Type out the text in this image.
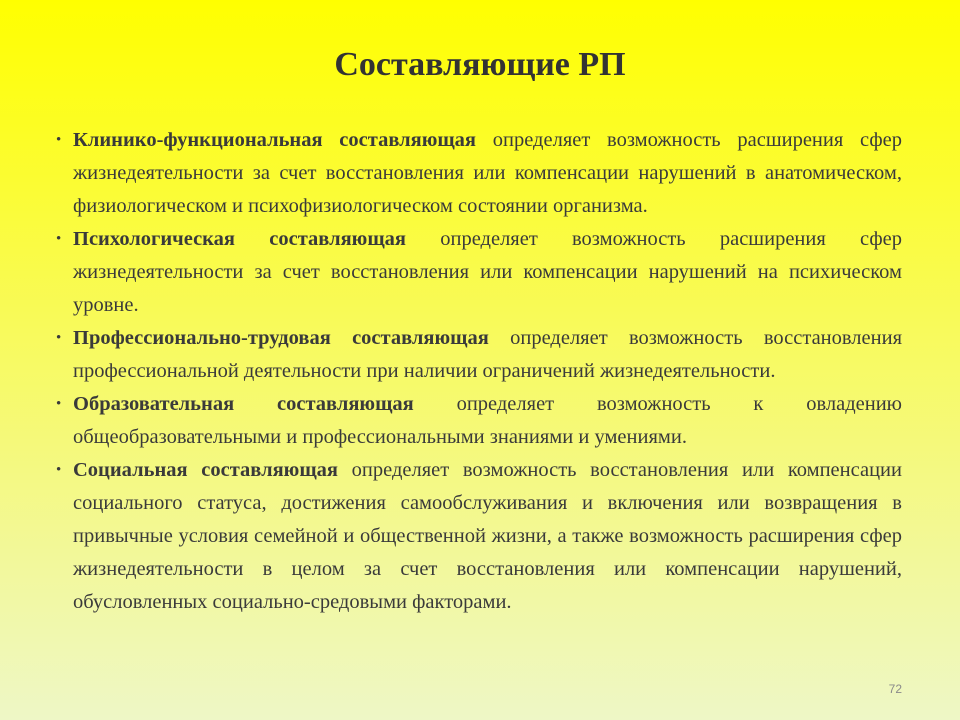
Составляющие РП
• Клинико-функциональная составляющая определяет возможность расширения сфер жизнедеятельности за счет восстановления или компенсации нарушений в анатомическом, физиологическом и психофизиологическом состоянии организма.
• Психологическая составляющая определяет возможность расширения сфер жизнедеятельности за счет восстановления или компенсации нарушений на психическом уровне.
• Профессионально-трудовая составляющая определяет возможность восстановления профессиональной деятельности при наличии ограничений жизнедеятельности.
• Образовательная составляющая определяет возможность к овладению общеобразовательными и профессиональными знаниями и умениями.
• Социальная составляющая определяет возможность восстановления или компенсации социального статуса, достижения самообслуживания и включения или возвращения в привычные условия семейной и общественной жизни, а также возможность расширения сфер жизнедеятельности в целом за счет восстановления или компенсации нарушений, обусловленных социально-средовыми факторами.
72
